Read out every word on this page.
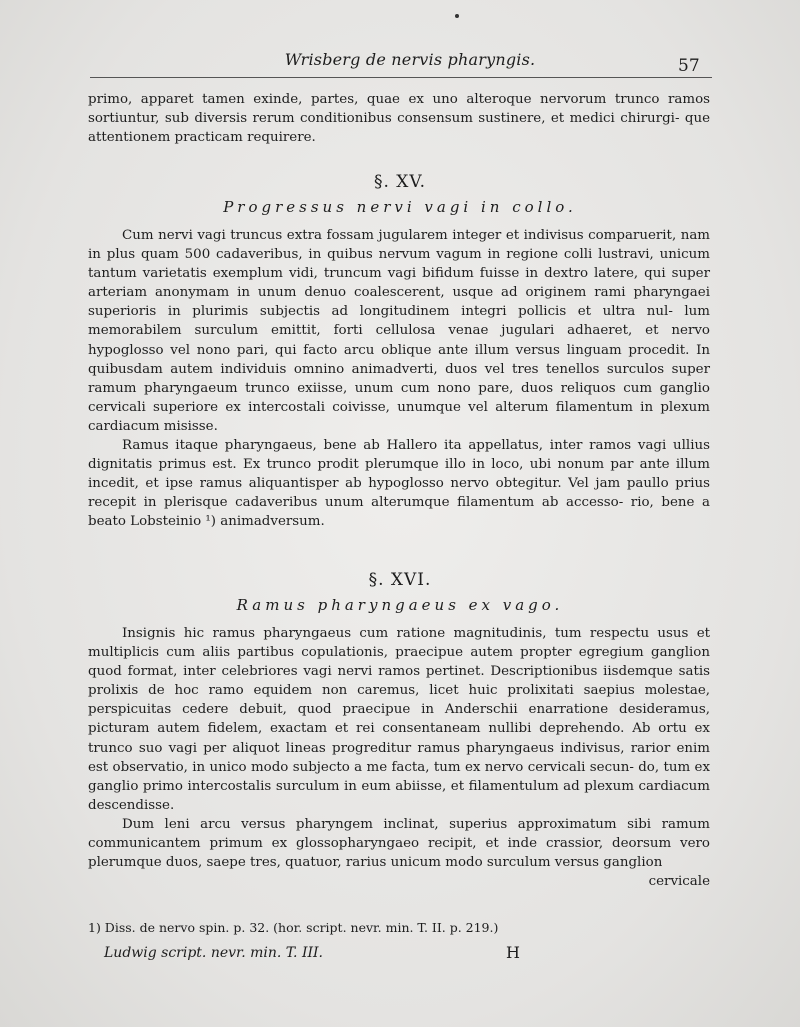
Wrisberg de nervis pharyngis.	57

primo, apparet tamen exinde, partes, quae ex uno alteroque nervorum trunco ramos sortiuntur, sub diversis rerum conditionibus consensum sustinere, et medici chirurgi- que attentionem practicam requirere.

§. XV.
Progressus nervi vagi in collo.

Cum nervi vagi truncus extra fossam jugularem integer et indivisus comparuerit, nam in plus quam 500 cadaveribus, in quibus nervum vagum in regione colli lustravi, unicum tantum varietatis exemplum vidi, truncum vagi bifidum fuisse in dextro latere, qui super arteriam anonymam in unum denuo coalescerent, usque ad originem rami pharyngaei superioris in plurimis subjectis ad longitudinem integri pollicis et ultra nul- lum memorabilem surculum emittit, forti cellulosa venae jugulari adhaeret, et nervo hypoglosso vel nono pari, qui facto arcu oblique ante illum versus linguam procedit. In quibusdam autem individuis omnino animadverti, duos vel tres tenellos surculos super ramum pharyngaeum trunco exiisse, unum cum nono pare, duos reliquos cum ganglio cervicali superiore ex intercostali coivisse, unumque vel alterum filamentum in plexum cardiacum misisse.

Ramus itaque pharyngaeus, bene ab Hallero ita appellatus, inter ramos vagi ullius dignitatis primus est. Ex trunco prodit plerumque illo in loco, ubi nonum par ante illum incedit, et ipse ramus aliquantisper ab hypoglosso nervo obtegitur. Vel jam paullo prius recepit in plerisque cadaveribus unum alterumque filamentum ab accesso- rio, bene a beato Lobsteinio ¹) animadversum.

§. XVI.
Ramus pharyngaeus ex vago.

Insignis hic ramus pharyngaeus cum ratione magnitudinis, tum respectu usus et multiplicis cum aliis partibus copulationis, praecipue autem propter egregium ganglion quod format, inter celebriores vagi nervi ramos pertinet. Descriptionibus iisdemque satis prolixis de hoc ramo equidem non caremus, licet huic prolixitati saepius molestae, perspicuitas cedere debuit, quod praecipue in Anderschii enarratione desideramus, picturam autem fidelem, exactam et rei consentaneam nullibi deprehendo. Ab ortu ex trunco suo vagi per aliquot lineas progreditur ramus pharyngaeus indivisus, rarior enim est observatio, in unico modo subjecto a me facta, tum ex nervo cervicali secun- do, tum ex ganglio primo intercostalis surculum in eum abiisse, et filamentulum ad plexum cardiacum descendisse.

Dum leni arcu versus pharyngem inclinat, superius approximatum sibi ramum communicantem primum ex glossopharyngaeo recipit, et inde crassior, deorsum vero plerumque duos, saepe tres, quatuor, rarius unicum modo surculum versus ganglion

cervicale

1) Diss. de nervo spin. p. 32. (hor. script. nevr. min. T. II. p. 219.)
Ludwig script. nevr. min. T. III.	H
